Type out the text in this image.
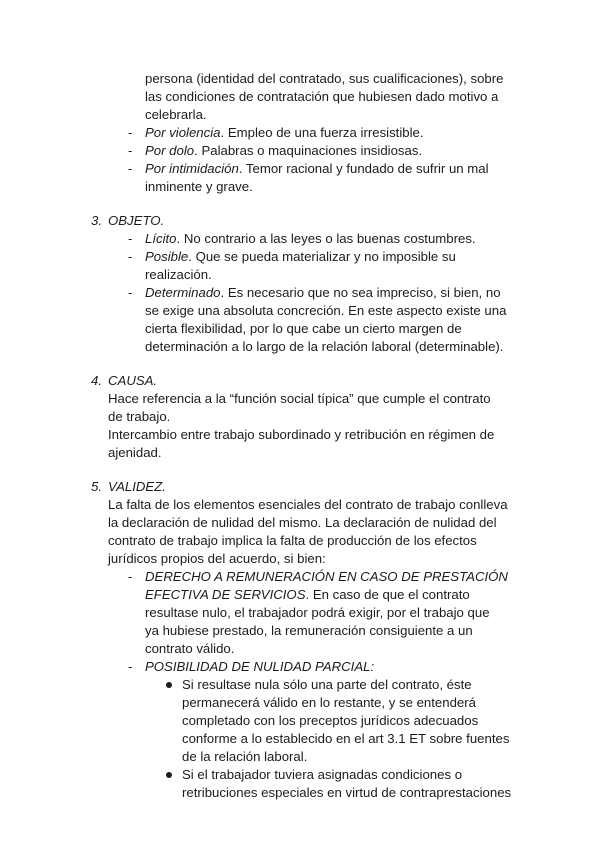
persona (identidad del contratado, sus cualificaciones), sobre
las condiciones de contratación que hubiesen dado motivo a
celebrarla.
- Por violencia. Empleo de una fuerza irresistible.
- Por dolo. Palabras o maquinaciones insidiosas.
- Por intimidación. Temor racional y fundado de sufrir un mal
inminente y grave.
3. OBJETO.
- Lícito. No contrario a las leyes o las buenas costumbres.
- Posible. Que se pueda materializar y no imposible su
realización.
- Determinado. Es necesario que no sea impreciso, si bien, no
se exige una absoluta concreción. En este aspecto existe una
cierta flexibilidad, por lo que cabe un cierto margen de
determinación a lo largo de la relación laboral (determinable).
4. CAUSA.
Hace referencia a la “función social típica” que cumple el contrato
de trabajo.
Intercambio entre trabajo subordinado y retribución en régimen de
ajenidad.
5. VALIDEZ.
La falta de los elementos esenciales del contrato de trabajo conlleva
la declaración de nulidad del mismo. La declaración de nulidad del
contrato de trabajo implica la falta de producción de los efectos
jurídicos propios del acuerdo, si bien:
- DERECHO A REMUNERACIÓN EN CASO DE PRESTACIÓN
EFECTIVA DE SERVICIOS. En caso de que el contrato
resultase nulo, el trabajador podrá exigir, por el trabajo que
ya hubiese prestado, la remuneración consiguiente a un
contrato válido.
- POSIBILIDAD DE NULIDAD PARCIAL:
Si resultase nula sólo una parte del contrato, éste
permanecerá válido en lo restante, y se entenderá
completado con los preceptos jurídicos adecuados
conforme a lo establecido en el art 3.1 ET sobre fuentes
de la relación laboral.
Si el trabajador tuviera asignadas condiciones o
retribuciones especiales en virtud de contraprestaciones
